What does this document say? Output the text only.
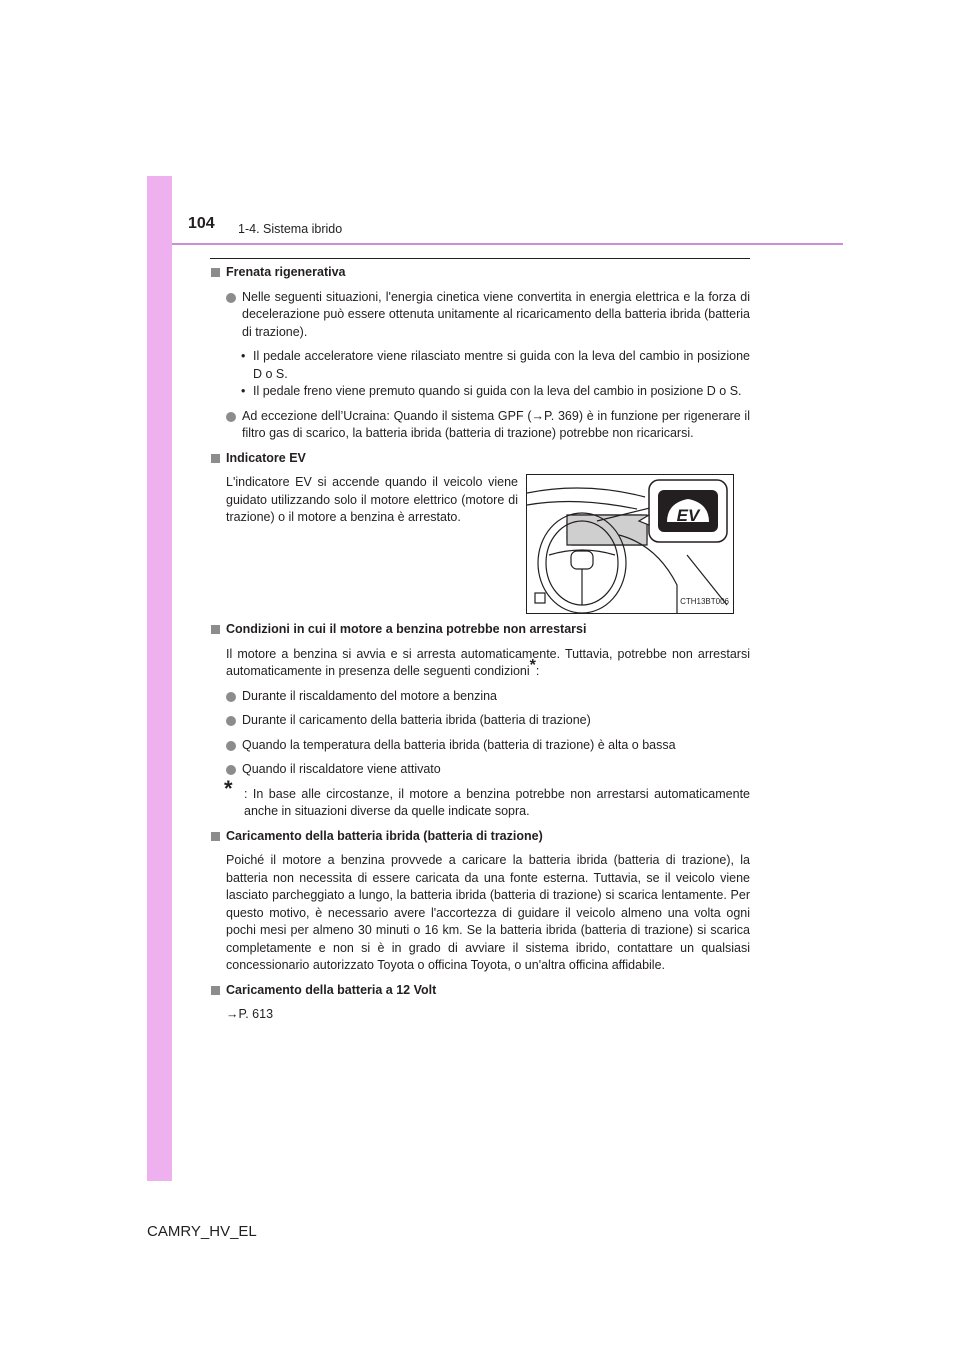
104 1-4. Sistema ibrido
Frenata rigenerativa
Nelle seguenti situazioni, l'energia cinetica viene convertita in energia elettrica e la forza di decelerazione può essere ottenuta unitamente al ricaricamento della batteria ibrida (batteria di trazione).
• Il pedale acceleratore viene rilasciato mentre si guida con la leva del cambio in posizione D o S.
• Il pedale freno viene premuto quando si guida con la leva del cambio in posizione D o S.
Ad eccezione dell’Ucraina: Quando il sistema GPF (→P. 369) è in funzione per rigenerare il filtro gas di scarico, la batteria ibrida (batteria di trazione) potrebbe non ricaricarsi.
Indicatore EV
L'indicatore EV si accende quando il veicolo viene guidato utilizzando solo il motore elettrico (motore di trazione) o il motore a benzina è arrestato.	EV
CTH13BT006
Condizioni in cui il motore a benzina potrebbe non arrestarsi
Il motore a benzina si avvia e si arresta automaticamente. Tuttavia, potrebbe non arrestarsi automaticamente in presenza delle seguenti condizioni*:
Durante il riscaldamento del motore a benzina
Durante il caricamento della batteria ibrida (batteria di trazione)
Quando la temperatura della batteria ibrida (batteria di trazione) è alta o bassa
Quando il riscaldatore viene attivato
* : In base alle circostanze, il motore a benzina potrebbe non arrestarsi automaticamente anche in situazioni diverse da quelle indicate sopra.
Caricamento della batteria ibrida (batteria di trazione)
Poiché il motore a benzina provvede a caricare la batteria ibrida (batteria di trazione), la batteria non necessita di essere caricata da una fonte esterna. Tuttavia, se il veicolo viene lasciato parcheggiato a lungo, la batteria ibrida (batteria di trazione) si scarica lentamente. Per questo motivo, è necessario avere l'accortezza di guidare il veicolo almeno una volta ogni pochi mesi per almeno 30 minuti o 16 km. Se la batteria ibrida (batteria di trazione) si scarica completamente e non si è in grado di avviare il sistema ibrido, contattare un qualsiasi concessionario autorizzato Toyota o officina Toyota, o un'altra officina affidabile.
Caricamento della batteria a 12 Volt
→P. 613
CAMRY_HV_EL
